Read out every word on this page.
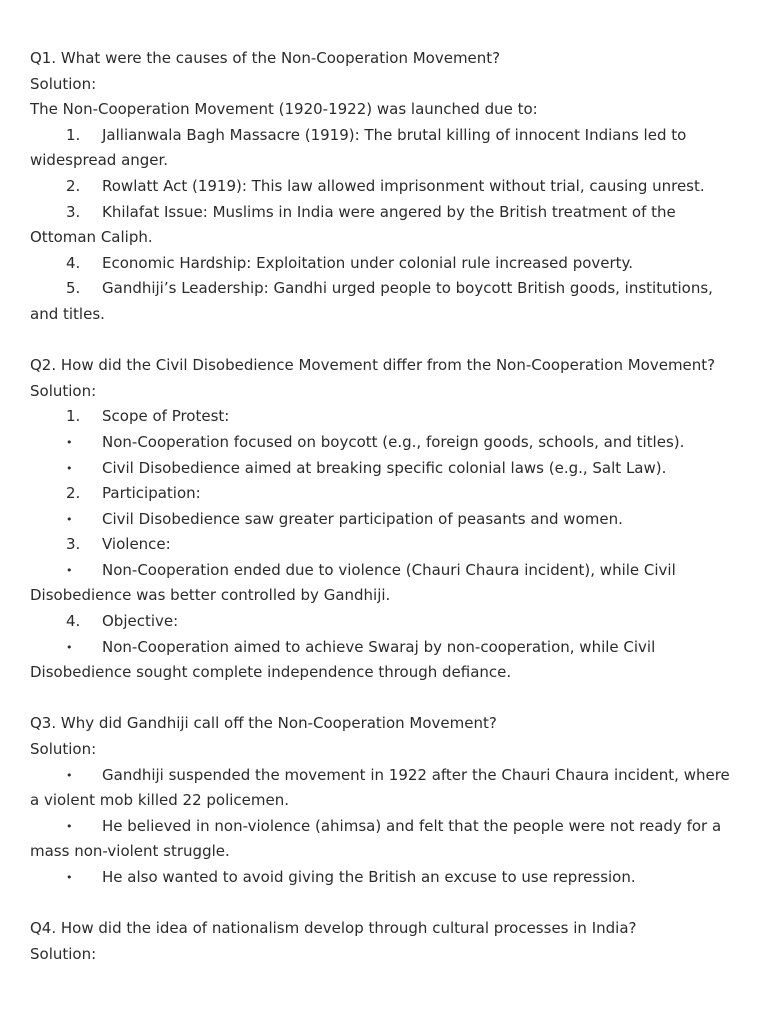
Q1. What were the causes of the Non-Cooperation Movement?
Solution:
The Non-Cooperation Movement (1920-1922) was launched due to:
1.	Jallianwala Bagh Massacre (1919): The brutal killing of innocent Indians led to widespread anger.
2.	Rowlatt Act (1919): This law allowed imprisonment without trial, causing unrest.
3.	Khilafat Issue: Muslims in India were angered by the British treatment of the Ottoman Caliph.
4.	Economic Hardship: Exploitation under colonial rule increased poverty.
5.	Gandhiji’s Leadership: Gandhi urged people to boycott British goods, institutions, and titles.
Q2. How did the Civil Disobedience Movement differ from the Non-Cooperation Movement?
Solution:
1.	Scope of Protest:
•	Non-Cooperation focused on boycott (e.g., foreign goods, schools, and titles).
•	Civil Disobedience aimed at breaking specific colonial laws (e.g., Salt Law).
2.	Participation:
•	Civil Disobedience saw greater participation of peasants and women.
3.	Violence:
•	Non-Cooperation ended due to violence (Chauri Chaura incident), while Civil Disobedience was better controlled by Gandhiji.
4.	Objective:
•	Non-Cooperation aimed to achieve Swaraj by non-cooperation, while Civil Disobedience sought complete independence through defiance.
Q3. Why did Gandhiji call off the Non-Cooperation Movement?
Solution:
•	Gandhiji suspended the movement in 1922 after the Chauri Chaura incident, where a violent mob killed 22 policemen.
•	He believed in non-violence (ahimsa) and felt that the people were not ready for a mass non-violent struggle.
•	He also wanted to avoid giving the British an excuse to use repression.
Q4. How did the idea of nationalism develop through cultural processes in India?
Solution:
